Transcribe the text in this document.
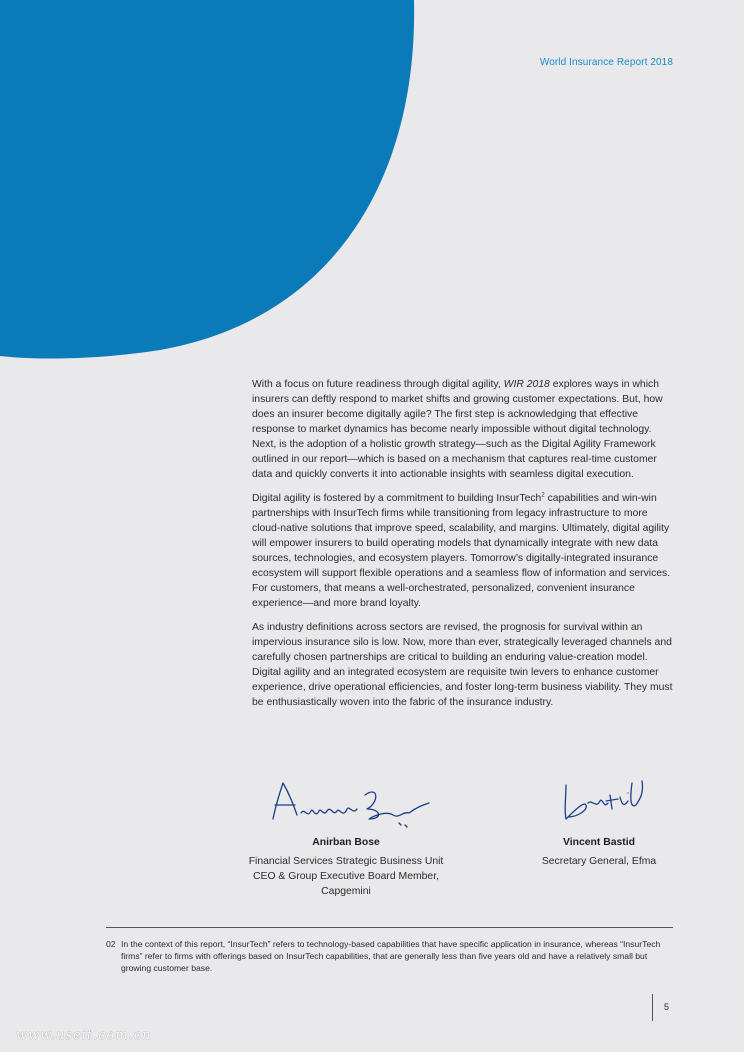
World Insurance Report 2018

With a focus on future readiness through digital agility, WIR 2018 explores ways in which insurers can deftly respond to market shifts and growing customer expectations. But, how does an insurer become digitally agile? The first step is acknowledging that effective response to market dynamics has become nearly impossible without digital technology. Next, is the adoption of a holistic growth strategy—such as the Digital Agility Framework outlined in our report—which is based on a mechanism that captures real-time customer data and quickly converts it into actionable insights with seamless digital execution.

Digital agility is fostered by a commitment to building InsurTech$^2$ capabilities and win-win partnerships with InsurTech firms while transitioning from legacy infrastructure to more cloud-native solutions that improve speed, scalability, and margins. Ultimately, digital agility will empower insurers to build operating models that dynamically integrate with new data sources, technologies, and ecosystem players. Tomorrow’s digitally-integrated insurance ecosystem will support flexible operations and a seamless flow of information and services. For customers, that means a well-orchestrated, personalized, convenient insurance experience—and more brand loyalty.

As industry definitions across sectors are revised, the prognosis for survival within an impervious insurance silo is low. Now, more than ever, strategically leveraged channels and carefully chosen partnerships are critical to building an enduring value-creation model. Digital agility and an integrated ecosystem are requisite twin levers to enhance customer experience, drive operational efficiencies, and foster long-term business viability. They must be enthusiastically woven into the fabric of the insurance industry.

Anirban Bose
Financial Services Strategic Business Unit CEO & Group Executive Board Member, Capgemini
Vincent Bastid
Secretary General, Efma
02 In the context of this report, “InsurTech” refers to technology-based capabilities that have specific application in insurance, whereas “InsurTech firms” refer to firms with offerings based on InsurTech capabilities, that are generally less than five years old and have a relatively small but growing customer base.
5
www.useit.com.cn
